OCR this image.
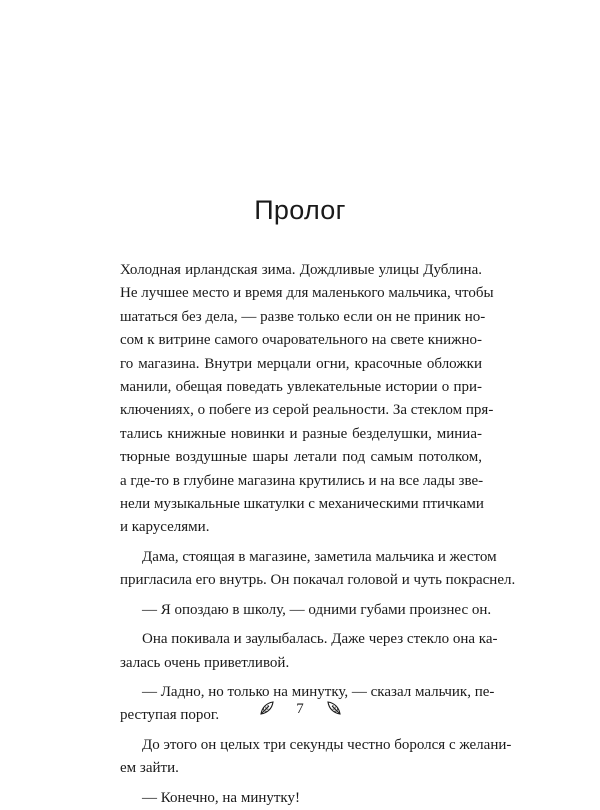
Пролог
Холодная ирландская зима. Дождливые улицы Дублина.
Не лучшее место и время для маленького мальчика, чтобы
шататься без дела, — разве только если он не приник но-
сом к витрине самого очаровательного на свете книжно-
го магазина. Внутри мерцали огни, красочные обложки
манили, обещая поведать увлекательные истории о при-
ключениях, о побеге из серой реальности. За стеклом пря-
тались книжные новинки и разные безделушки, миниа-
тюрные воздушные шары летали под самым потолком,
а где-то в глубине магазина крутились и на все лады зве-
нели музыкальные шкатулки с механическими птичками
и каруселями.
Дама, стоящая в магазине, заметила мальчика и жестом
пригласила его внутрь. Он покачал головой и чуть покраснел.
— Я опоздаю в школу, — одними губами произнес он.
Она покивала и заулыбалась. Даже через стекло она ка-
залась очень приветливой.
— Ладно, но только на минутку, — сказал мальчик, пе-
реступая порог.
До этого он целых три секунды честно боролся с желани-
ем зайти.
— Конечно, на минутку!
7
